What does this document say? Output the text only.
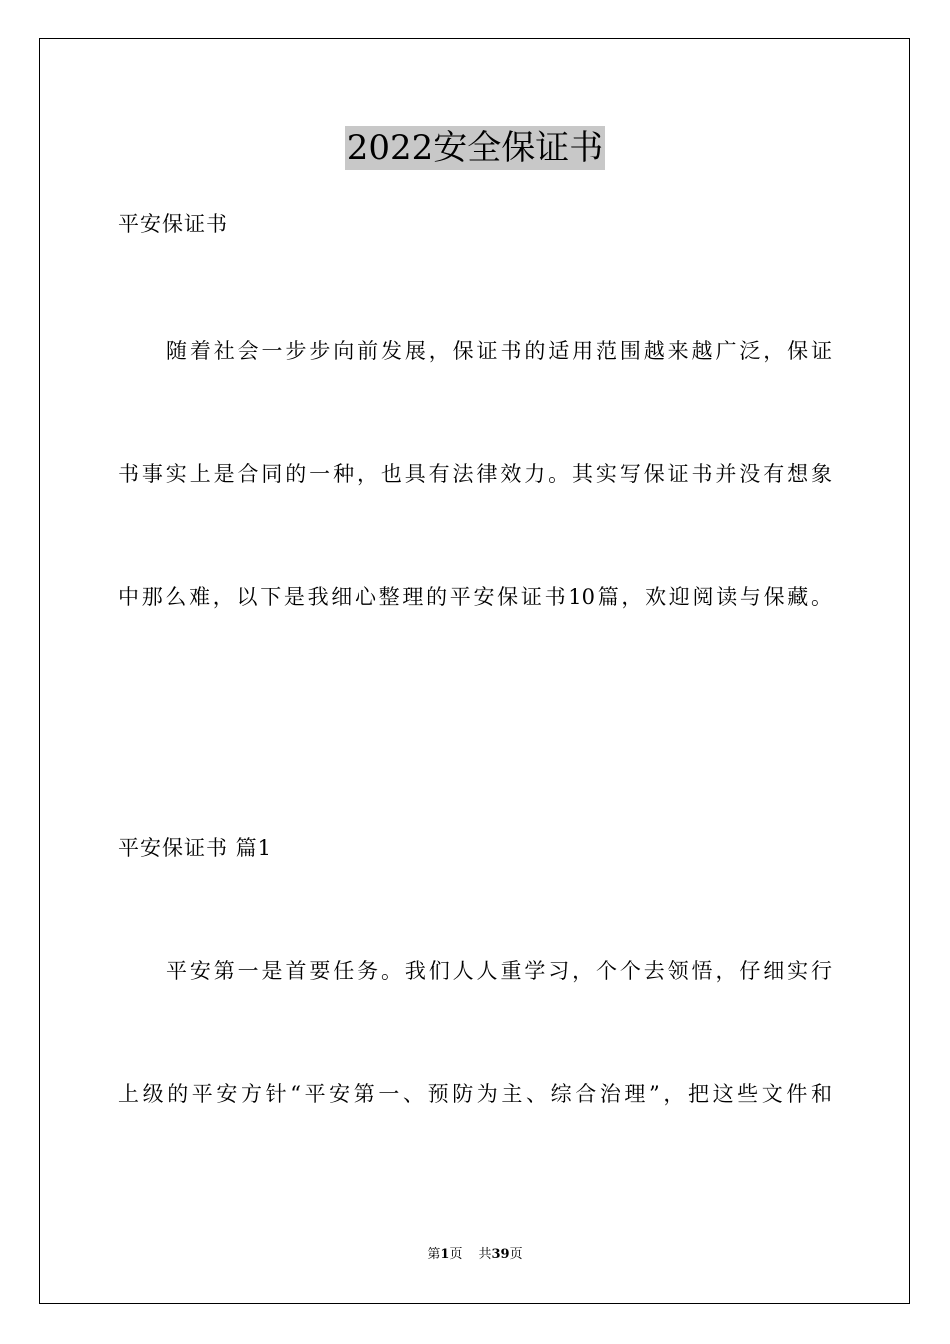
2022安全保证书

平安保证书

随着社会一步步向前发展，保证书的适用范围越来越广泛，保证

书事实上是合同的一种，也具有法律效力。其实写保证书并没有想象

中那么难，以下是我细心整理的平安保证书10篇，欢迎阅读与保藏。

平安保证书 篇1

平安第一是首要任务。我们人人重学习，个个去领悟，仔细实行

上级的平安方针“平安第一、预防为主、综合治理”，把这些文件和

第1页 共39页
